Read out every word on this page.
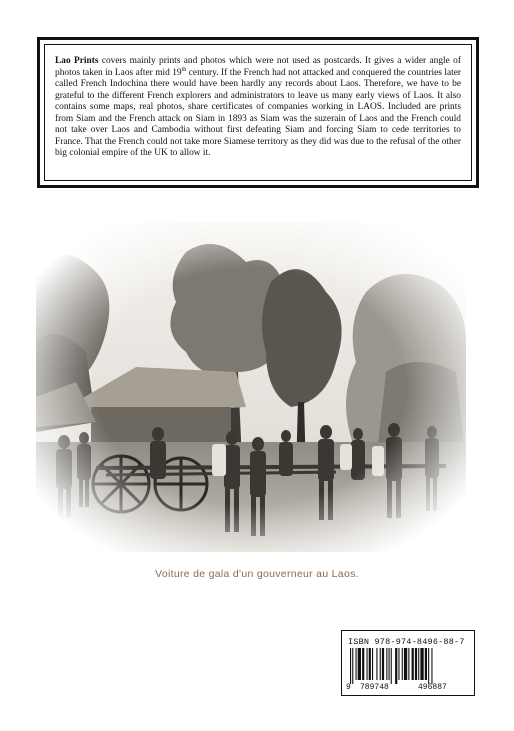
Lao Prints covers mainly prints and photos which were not used as postcards. It gives a wider angle of photos taken in Laos after mid 19th century. If the French had not attacked and conquered the countries later called French Indochina there would have been hardly any records about Laos. Therefore, we have to be grateful to the different French explorers and administrators to leave us many early views of Laos. It also contains some maps, real photos, share certificates of companies working in LAOS. Included are prints from Siam and the French attack on Siam in 1893 as Siam was the suzerain of Laos and the French could not take over Laos and Cambodia without first defeating Siam and forcing Siam to cede territories to France. That the French could not take more Siamese territory as they did was due to the refusal of the other big colonial empire of the UK to allow it.
Voiture de gala d'un gouverneur au Laos.
ISBN 978-974-8496-88-7
9 789748	496887
